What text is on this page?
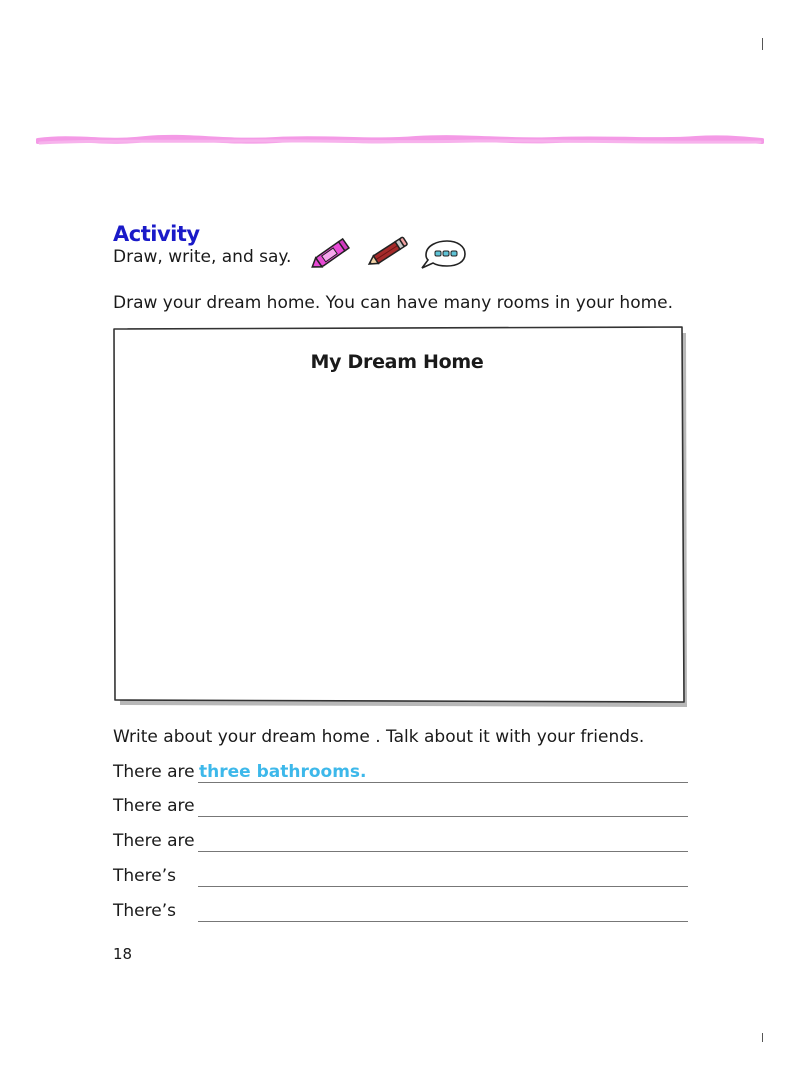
Activity
Draw, write, and say.
Draw your dream home. You can have many rooms in your home.
My Dream Home
Write about your dream home . Talk about it with your friends.
There are three bathrooms.
There are
There are
There’s
There’s
18
